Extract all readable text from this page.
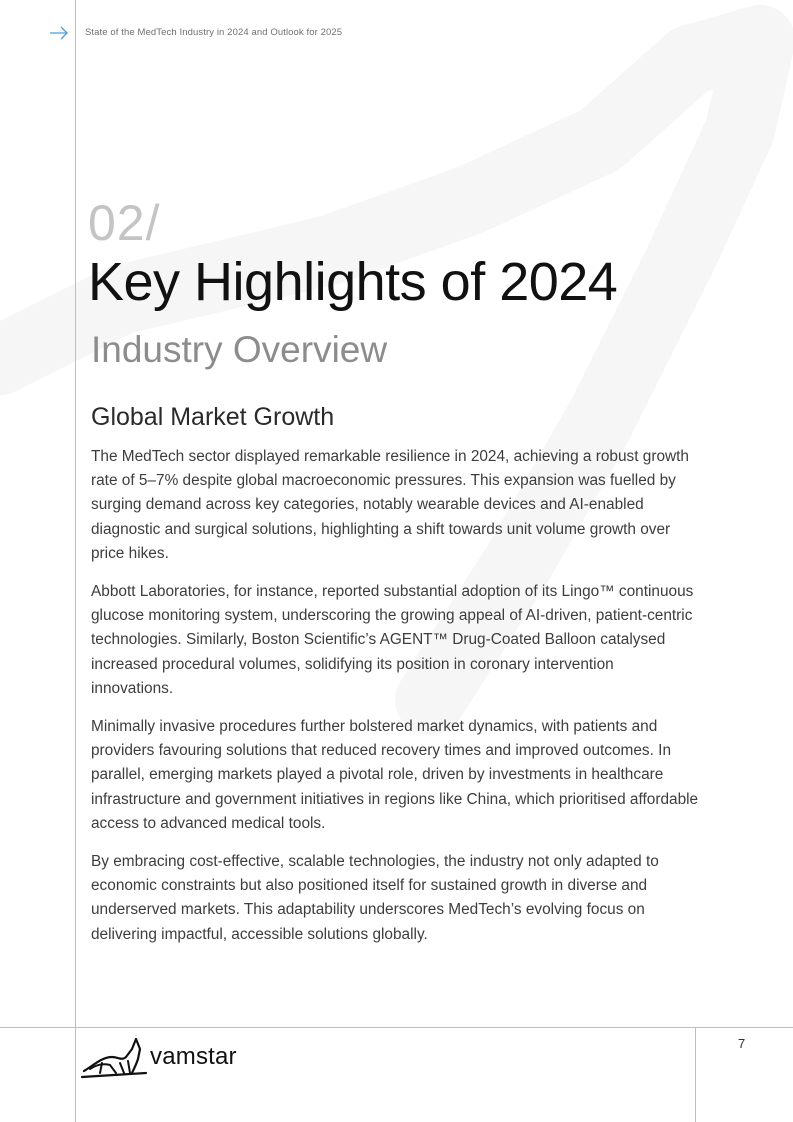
State of the MedTech Industry in 2024 and Outlook for 2025
02/
Key Highlights of 2024
Industry Overview
Global Market Growth

The MedTech sector displayed remarkable resilience in 2024, achieving a robust growth rate of 5–7% despite global macroeconomic pressures. This expansion was fuelled by surging demand across key categories, notably wearable devices and AI-enabled diagnostic and surgical solutions, highlighting a shift towards unit volume growth over price hikes.

Abbott Laboratories, for instance, reported substantial adoption of its Lingo™ continuous glucose monitoring system, underscoring the growing appeal of AI-driven, patient-centric technologies. Similarly, Boston Scientific’s AGENT™ Drug-Coated Balloon catalysed increased procedural volumes, solidifying its position in coronary intervention innovations.

Minimally invasive procedures further bolstered market dynamics, with patients and providers favouring solutions that reduced recovery times and improved outcomes. In parallel, emerging markets played a pivotal role, driven by investments in healthcare infrastructure and government initiatives in regions like China, which prioritised affordable access to advanced medical tools.

By embracing cost-effective, scalable technologies, the industry not only adapted to economic constraints but also positioned itself for sustained growth in diverse and underserved markets. This adaptability underscores MedTech’s evolving focus on delivering impactful, accessible solutions globally.

vamstar	7
